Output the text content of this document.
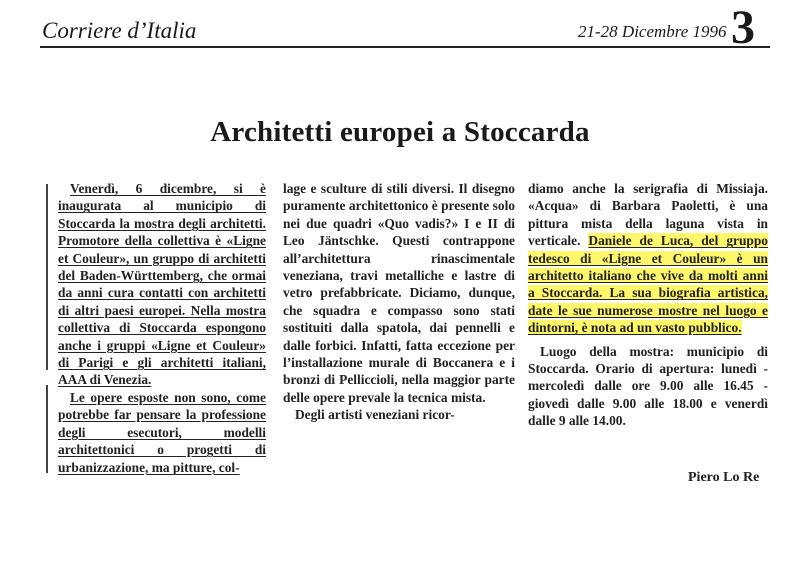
Corriere d’Italia	21-28 Dicembre 1996 3
Architetti europei a Stoccarda

Venerdì, 6 dicembre, si è inaugurata al municipio di Stoccarda la mostra degli architetti. Promotore della collettiva è «Ligne et Couleur», un gruppo di architetti del Baden-Württemberg, che ormai da anni cura contatti con architetti di altri paesi europei. Nella mostra collettiva di Stoccarda espongono anche i gruppi «Ligne et Couleur» di Parigi e gli architetti italiani, AAA di Venezia.

Le opere esposte non sono, come potrebbe far pensare la professione degli esecutori, modelli architettonici o progetti di urbanizzazione, ma pitture, col-

lage e sculture di stili diversi. Il disegno puramente architettonico è presente solo nei due quadri «Quo vadis?» I e II di Leo Jäntschke. Questi contrappone all’architettura rinascimentale veneziana, travi metalliche e lastre di vetro prefabbricate. Diciamo, dunque, che squadra e compasso sono stati sostituiti dalla spatola, dai pennelli e dalle forbici. Infatti, fatta eccezione per l’installazione murale di Boccanera e i bronzi di Pelliccioli, nella maggior parte delle opere prevale la tecnica mista.

Degli artisti veneziani ricor-

diamo anche la serigrafia di Missiaja. «Acqua» di Barbara Paoletti, è una pittura mista della laguna vista in verticale. Daniele de Luca, del gruppo tedesco di «Ligne et Couleur» è un architetto italiano che vive da molti anni a Stoccarda. La sua biografia artistica, date le sue numerose mostre nel luogo e dintorni, è nota ad un vasto pubblico.

Luogo della mostra: municipio di Stoccarda. Orario di apertura: lunedì - mercoledì dalle ore 9.00 alle 16.45 - giovedì dalle 9.00 alle 18.00 e venerdì dalle 9 alle 14.00.

Piero Lo Re
